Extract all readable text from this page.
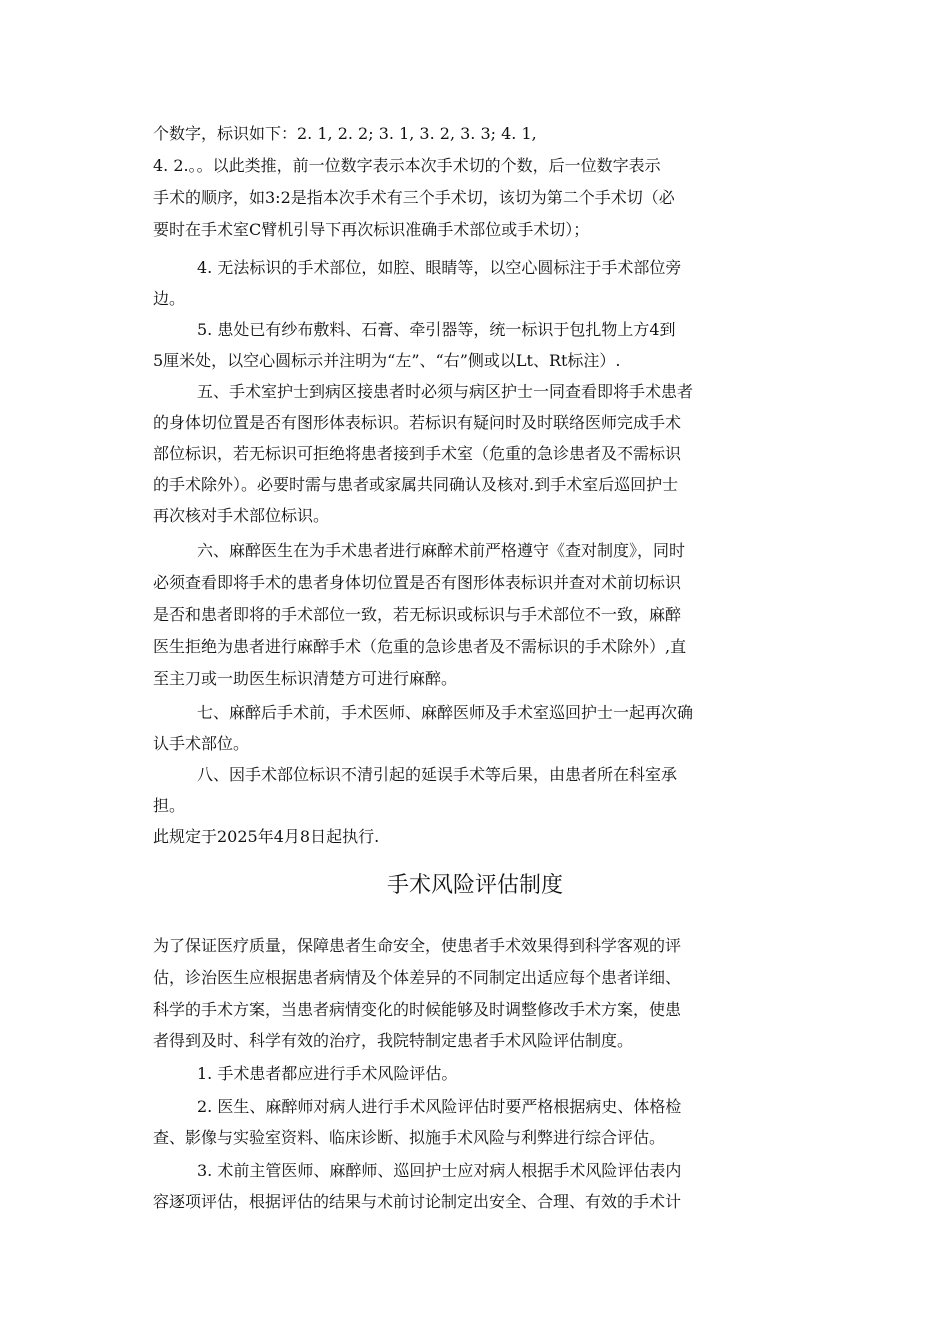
个数字，标识如下：2. 1, 2. 2; 3. 1, 3. 2, 3. 3; 4. 1,
4. 2.。。以此类推，前一位数字表示本次手术切的个数，后一位数字表示
手术的顺序，如3:2是指本次手术有三个手术切，该切为第二个手术切（必
要时在手术室C臂机引导下再次标识准确手术部位或手术切）；
4. 无法标识的手术部位，如腔、眼睛等，以空心圆标注于手术部位旁
边。
5. 患处已有纱布敷料、石膏、牵引器等，统一标识于包扎物上方4到
5厘米处，以空心圆标示并注明为“左”、“右”侧或以Lt、Rt标注）.
五、手术室护士到病区接患者时必须与病区护士一同查看即将手术患者
的身体切位置是否有图形体表标识。若标识有疑问时及时联络医师完成手术
部位标识，若无标识可拒绝将患者接到手术室（危重的急诊患者及不需标识
的手术除外）。必要时需与患者或家属共同确认及核对.到手术室后巡回护士
再次核对手术部位标识。
六、麻醉医生在为手术患者进行麻醉术前严格遵守《查对制度》，同时
必须查看即将手术的患者身体切位置是否有图形体表标识并查对术前切标识
是否和患者即将的手术部位一致，若无标识或标识与手术部位不一致，麻醉
医生拒绝为患者进行麻醉手术（危重的急诊患者及不需标识的手术除外）,直
至主刀或一助医生标识清楚方可进行麻醉。
七、麻醉后手术前，手术医师、麻醉医师及手术室巡回护士一起再次确
认手术部位。
八、因手术部位标识不清引起的延误手术等后果，由患者所在科室承
担。
此规定于2025年4月8日起执行.
手术风险评估制度
为了保证医疗质量，保障患者生命安全，使患者手术效果得到科学客观的评
估，诊治医生应根据患者病情及个体差异的不同制定出适应每个患者详细、
科学的手术方案，当患者病情变化的时候能够及时调整修改手术方案，使患
者得到及时、科学有效的治疗，我院特制定患者手术风险评估制度。
1. 手术患者都应进行手术风险评估。
2. 医生、麻醉师对病人进行手术风险评估时要严格根据病史、体格检
查、影像与实验室资料、临床诊断、拟施手术风险与利弊进行综合评估。
3. 术前主管医师、麻醉师、巡回护士应对病人根据手术风险评估表内
容逐项评估，根据评估的结果与术前讨论制定出安全、合理、有效的手术计
